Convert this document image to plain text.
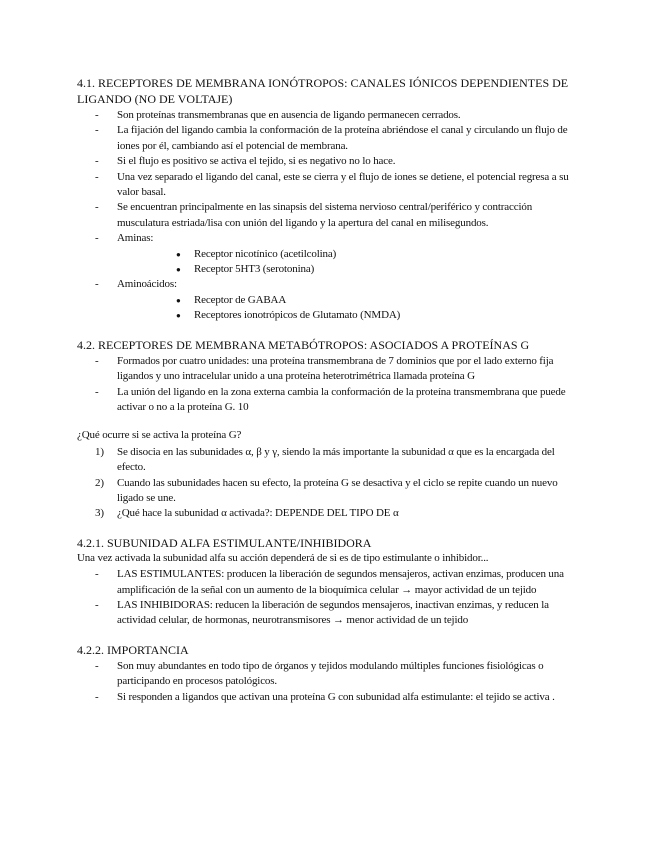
4.1. RECEPTORES DE MEMBRANA IONÓTROPOS: CANALES IÓNICOS DEPENDIENTES DE LIGANDO (NO DE VOLTAJE)
- Son proteínas transmembranas que en ausencia de ligando permanecen cerrados.
- La fijación del ligando cambia la conformación de la proteína abriéndose el canal y circulando un flujo de iones por él, cambiando así el potencial de membrana.
- Si el flujo es positivo se activa el tejido, si es negativo no lo hace.
- Una vez separado el ligando del canal, este se cierra y el flujo de iones se detiene, el potencial regresa a su valor basal.
- Se encuentran principalmente en las sinapsis del sistema nervioso central/periférico y contracción musculatura estriada/lisa con unión del ligando y la apertura del canal en milisegundos.
- Aminas:
● Receptor nicotínico (acetilcolina)
● Receptor 5HT3 (serotonina)
- Aminoácidos:
● Receptor de GABAA
● Receptores ionotrópicos de Glutamato (NMDA)
4.2. RECEPTORES DE MEMBRANA METABÓTROPOS: ASOCIADOS A PROTEÍNAS G
- Formados por cuatro unidades: una proteína transmembrana de 7 dominios que por el lado externo fija ligandos y uno intracelular unido a una proteína heterotrimétrica llamada proteína G
- La unión del ligando en la zona externa cambia la conformación de la proteína transmembrana que puede activar o no a la proteína G. 10

¿Qué ocurre si se activa la proteína G?

1) Se disocia en las subunidades α, β y γ, siendo la más importante la subunidad α que es la encargada del efecto.
2) Cuando las subunidades hacen su efecto, la proteína G se desactiva y el ciclo se repite cuando un nuevo ligado se une.
3) ¿Qué hace la subunidad α activada?: DEPENDE DEL TIPO DE α
4.2.1. SUBUNIDAD ALFA ESTIMULANTE/INHIBIDORA

Una vez activada la subunidad alfa su acción dependerá de si es de tipo estimulante o inhibidor...

- LAS ESTIMULANTES: producen la liberación de segundos mensajeros, activan enzimas, producen una amplificación de la señal con un aumento de la bioquímica celular → mayor actividad de un tejido
- LAS INHIBIDORAS: reducen la liberación de segundos mensajeros, inactivan enzimas, y reducen la actividad celular, de hormonas, neurotransmisores → menor actividad de un tejido
4.2.2. IMPORTANCIA
- Son muy abundantes en todo tipo de órganos y tejidos modulando múltiples funciones fisiológicas o participando en procesos patológicos.
- Si responden a ligandos que activan una proteína G con subunidad alfa estimulante: el tejido se activa .
